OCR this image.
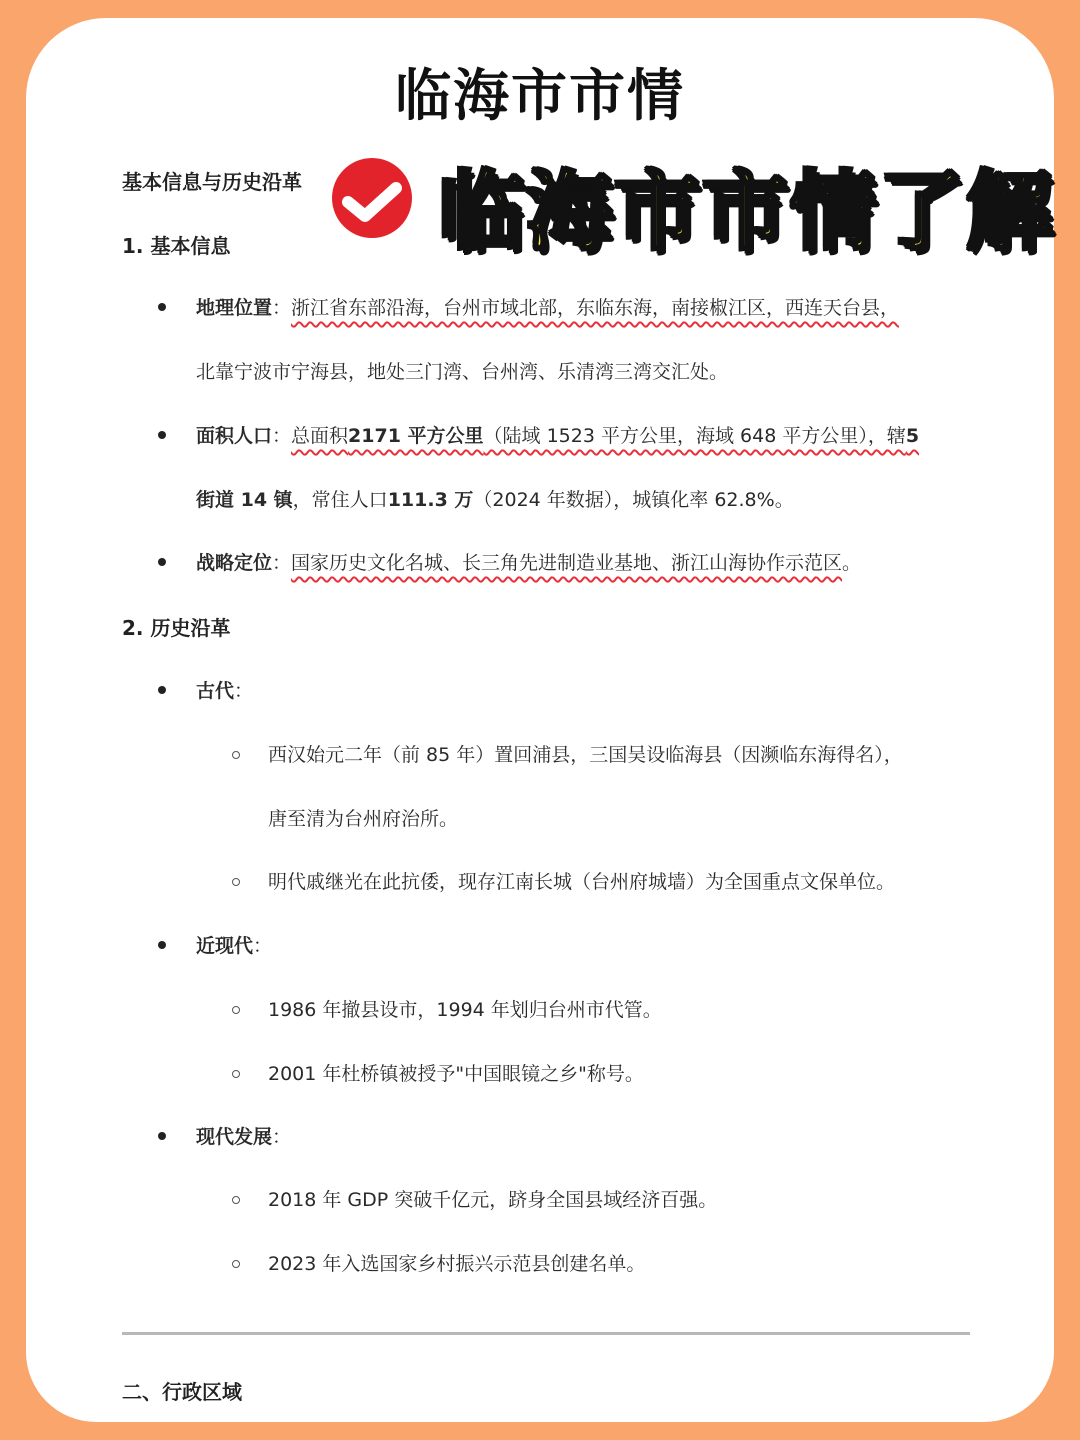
临海市市情
基本信息与历史沿革 临海市市情了解
1. 基本信息
地理位置：浙江省东部沿海，台州市域北部，东临东海，南接椒江区，西连天台县，
北靠宁波市宁海县，地处三门湾、台州湾、乐清湾三湾交汇处。
面积人口：总面积2171 平方公里（陆域 1523 平方公里，海域 648 平方公里），辖5
街道 14 镇，常住人口111.3 万（2024 年数据），城镇化率 62.8%。
战略定位：国家历史文化名城、长三角先进制造业基地、浙江山海协作示范区。
2. 历史沿革
古代：
西汉始元二年（前 85 年）置回浦县，三国吴设临海县（因濒临东海得名），
唐至清为台州府治所。
明代戚继光在此抗倭，现存江南长城（台州府城墙）为全国重点文保单位。
近现代：
1986 年撤县设市，1994 年划归台州市代管。
2001 年杜桥镇被授予"中国眼镜之乡"称号。
现代发展：
2018 年 GDP 突破千亿元，跻身全国县域经济百强。
2023 年入选国家乡村振兴示范县创建名单。
二、行政区域
